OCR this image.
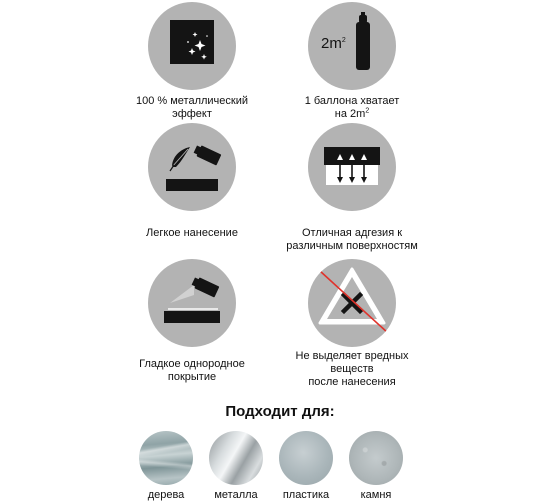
100 % металлический
эффект
$2m^2$
1 баллона хватает
на $2m^2$
Легкое нанесение	Отличная адгезия к
различным поверхностям
Гладкое однородное
покрытие
Не выделяет вредных
веществ
после нанесения
Подходит для:
дерева	металла	пластика	камня
